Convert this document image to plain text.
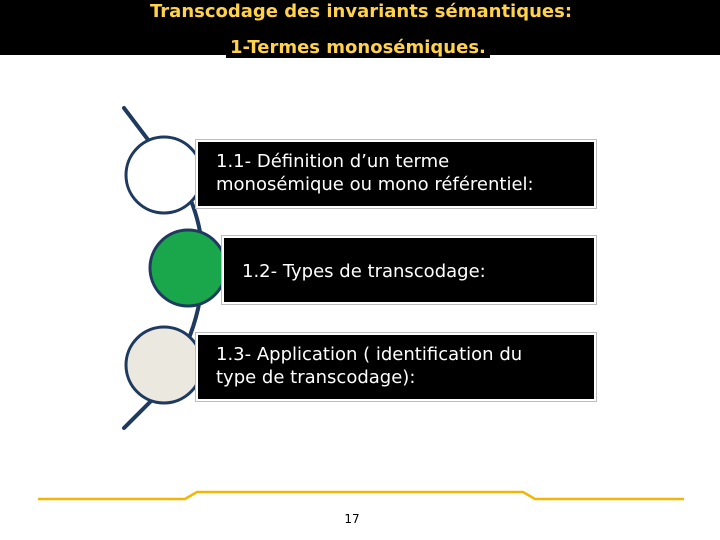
Transcodage des invariants sémantiques:
1-Termes monosémiques.
1.1- Définition d’un terme
monosémique ou mono référentiel:
1.2- Types de transcodage:
1.3- Application ( identification du
type de transcodage):
17
